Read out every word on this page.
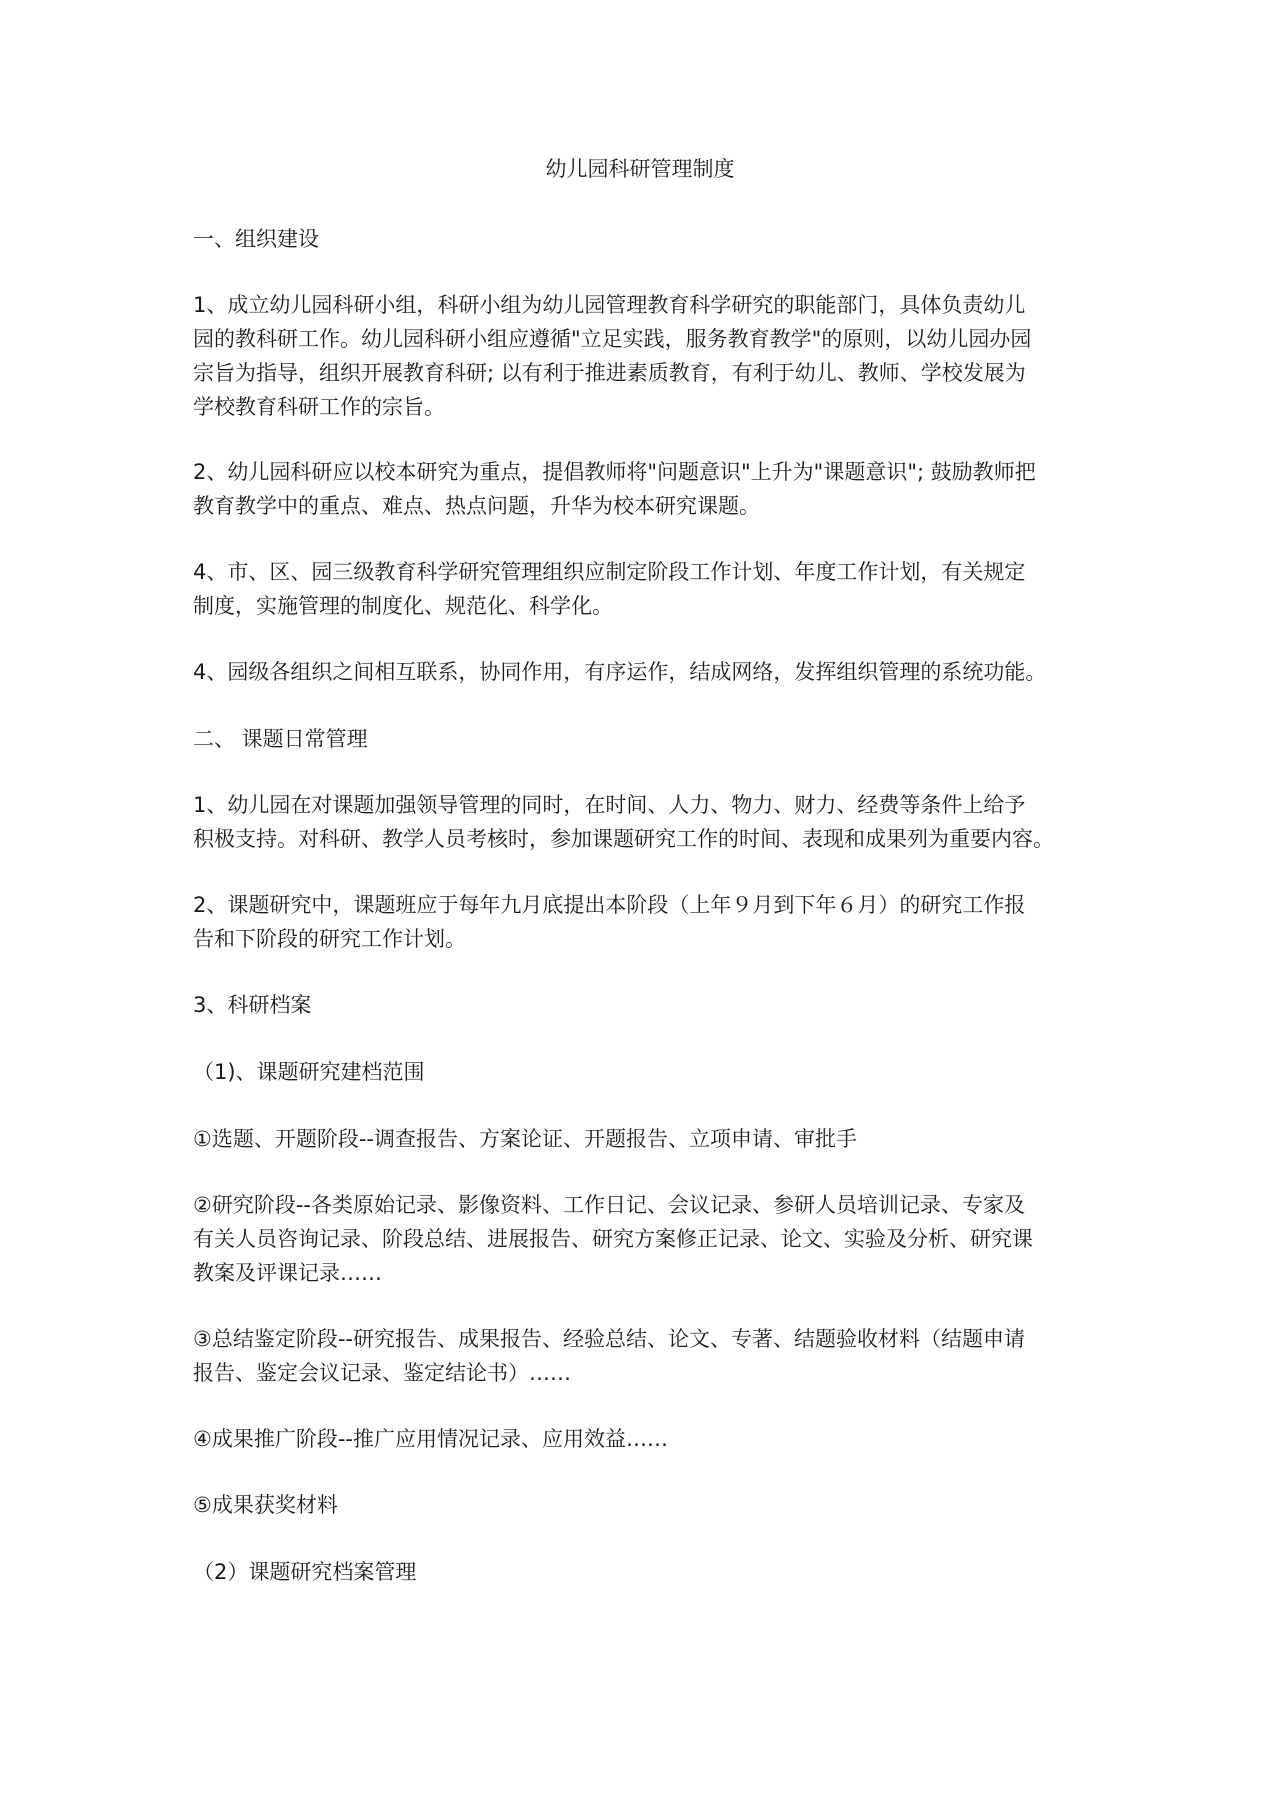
幼儿园科研管理制度

一、组织建设

1、成立幼儿园科研小组，科研小组为幼儿园管理教育科学研究的职能部门，具体负责幼儿
园的教科研工作。幼儿园科研小组应遵循"立足实践，服务教育教学"的原则，以幼儿园办园
宗旨为指导，组织开展教育科研; 以有利于推进素质教育，有利于幼儿、教师、学校发展为
学校教育科研工作的宗旨。

2、幼儿园科研应以校本研究为重点，提倡教师将"问题意识"上升为"课题意识"; 鼓励教师把
教育教学中的重点、难点、热点问题，升华为校本研究课题。

4、市、区、园三级教育科学研究管理组织应制定阶段工作计划、年度工作计划，有关规定
制度，实施管理的制度化、规范化、科学化。

4、园级各组织之间相互联系，协同作用，有序运作，结成网络，发挥组织管理的系统功能。

二、 课题日常管理

1、幼儿园在对课题加强领导管理的同时，在时间、人力、物力、财力、经费等条件上给予
积极支持。对科研、教学人员考核时，参加课题研究工作的时间、表现和成果列为重要内容。

2、课题研究中，课题班应于每年九月底提出本阶段（上年９月到下年６月）的研究工作报
告和下阶段的研究工作计划。

3、科研档案

（1)、课题研究建档范围

①选题、开题阶段--调查报告、方案论证、开题报告、立项申请、审批手

②研究阶段--各类原始记录、影像资料、工作日记、会议记录、参研人员培训记录、专家及
有关人员咨询记录、阶段总结、进展报告、研究方案修正记录、论文、实验及分析、研究课
教案及评课记录……

③总结鉴定阶段--研究报告、成果报告、经验总结、论文、专著、结题验收材料（结题申请
报告、鉴定会议记录、鉴定结论书）……

④成果推广阶段--推广应用情况记录、应用效益……

⑤成果获奖材料

（2）课题研究档案管理
